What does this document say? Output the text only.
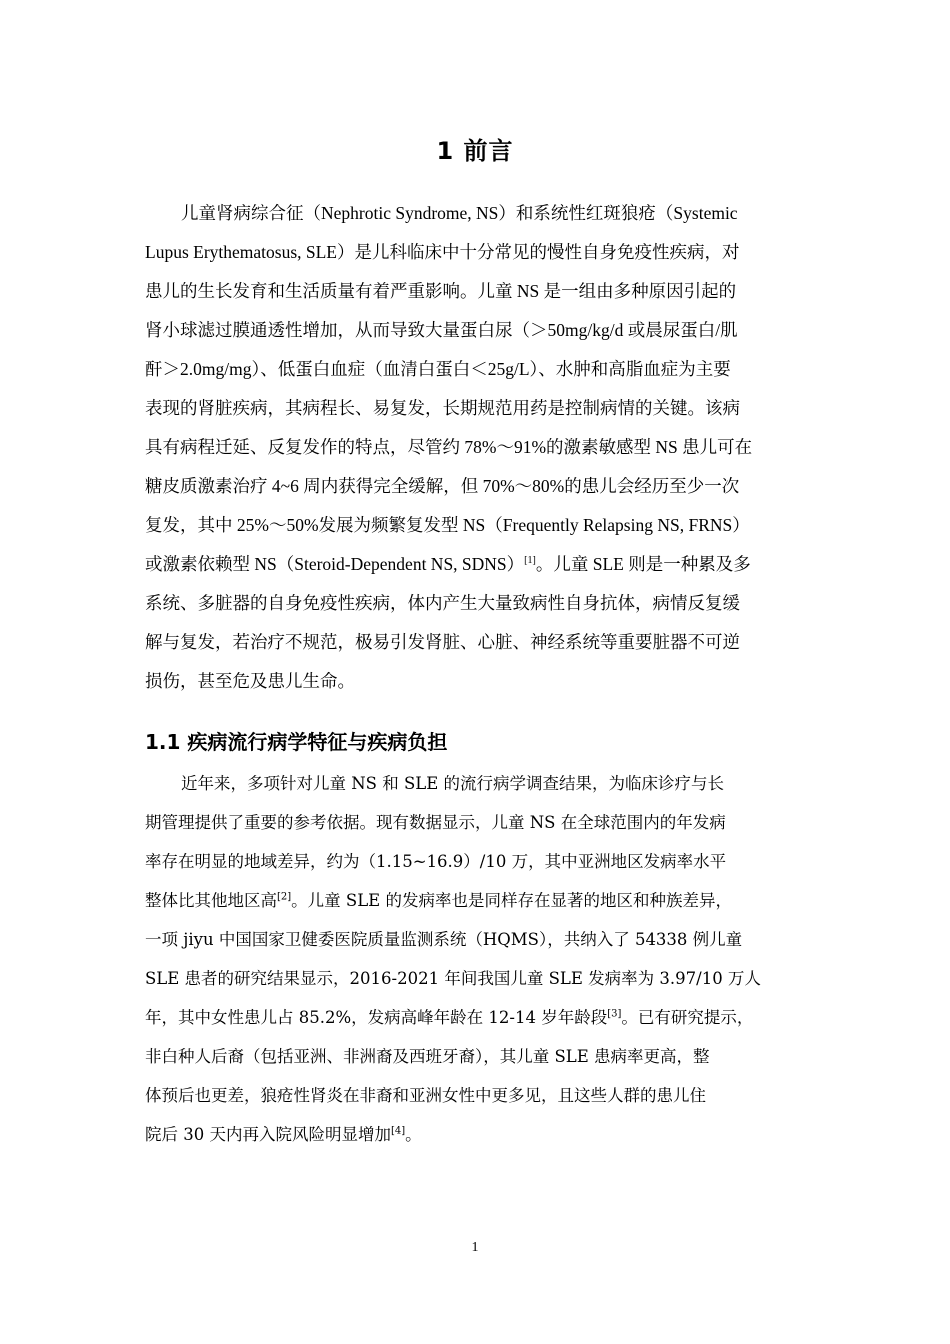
1 前言
儿童肾病综合征（Nephrotic Syndrome, NS）和系统性红斑狼疮（Systemic
Lupus Erythematosus, SLE）是儿科临床中十分常见的慢性自身免疫性疾病，对
患儿的生长发育和生活质量有着严重影响。儿童 NS 是一组由多种原因引起的
肾小球滤过膜通透性增加，从而导致大量蛋白尿（＞50mg/kg/d 或晨尿蛋白/肌
酐＞2.0mg/mg）、低蛋白血症（血清白蛋白＜25g/L）、水肿和高脂血症为主要
表现的肾脏疾病，其病程长、易复发，长期规范用药是控制病情的关键。该病
具有病程迁延、反复发作的特点，尽管约 78%～91%的激素敏感型 NS 患儿可在
糖皮质激素治疗 4~6 周内获得完全缓解，但 70%～80%的患儿会经历至少一次
复发，其中 25%～50%发展为频繁复发型 NS（Frequently Relapsing NS, FRNS）
或激素依赖型 NS（Steroid-Dependent NS, SDNS）[1]。儿童 SLE 则是一种累及多
系统、多脏器的自身免疫性疾病，体内产生大量致病性自身抗体，病情反复缓
解与复发，若治疗不规范，极易引发肾脏、心脏、神经系统等重要脏器不可逆
损伤，甚至危及患儿生命。
1.1 疾病流行病学特征与疾病负担
近年来，多项针对儿童 NS 和 SLE 的流行病学调查结果，为临床诊疗与长
期管理提供了重要的参考依据。现有数据显示，儿童 NS 在全球范围内的年发病
率存在明显的地域差异，约为（1.15~16.9）/10 万，其中亚洲地区发病率水平
整体比其他地区高[2]。儿童 SLE 的发病率也是同样存在显著的地区和种族差异，
一项 jiyu 中国国家卫健委医院质量监测系统（HQMS），共纳入了 54338 例儿童
SLE 患者的研究结果显示，2016-2021 年间我国儿童 SLE 发病率为 3.97/10 万人
年，其中女性患儿占 85.2%，发病高峰年龄在 12-14 岁年龄段[3]。已有研究提示，
非白种人后裔（包括亚洲、非洲裔及西班牙裔），其儿童 SLE 患病率更高，整
体预后也更差，狼疮性肾炎在非裔和亚洲女性中更多见，且这些人群的患儿住
院后 30 天内再入院风险明显增加[4]。
1
